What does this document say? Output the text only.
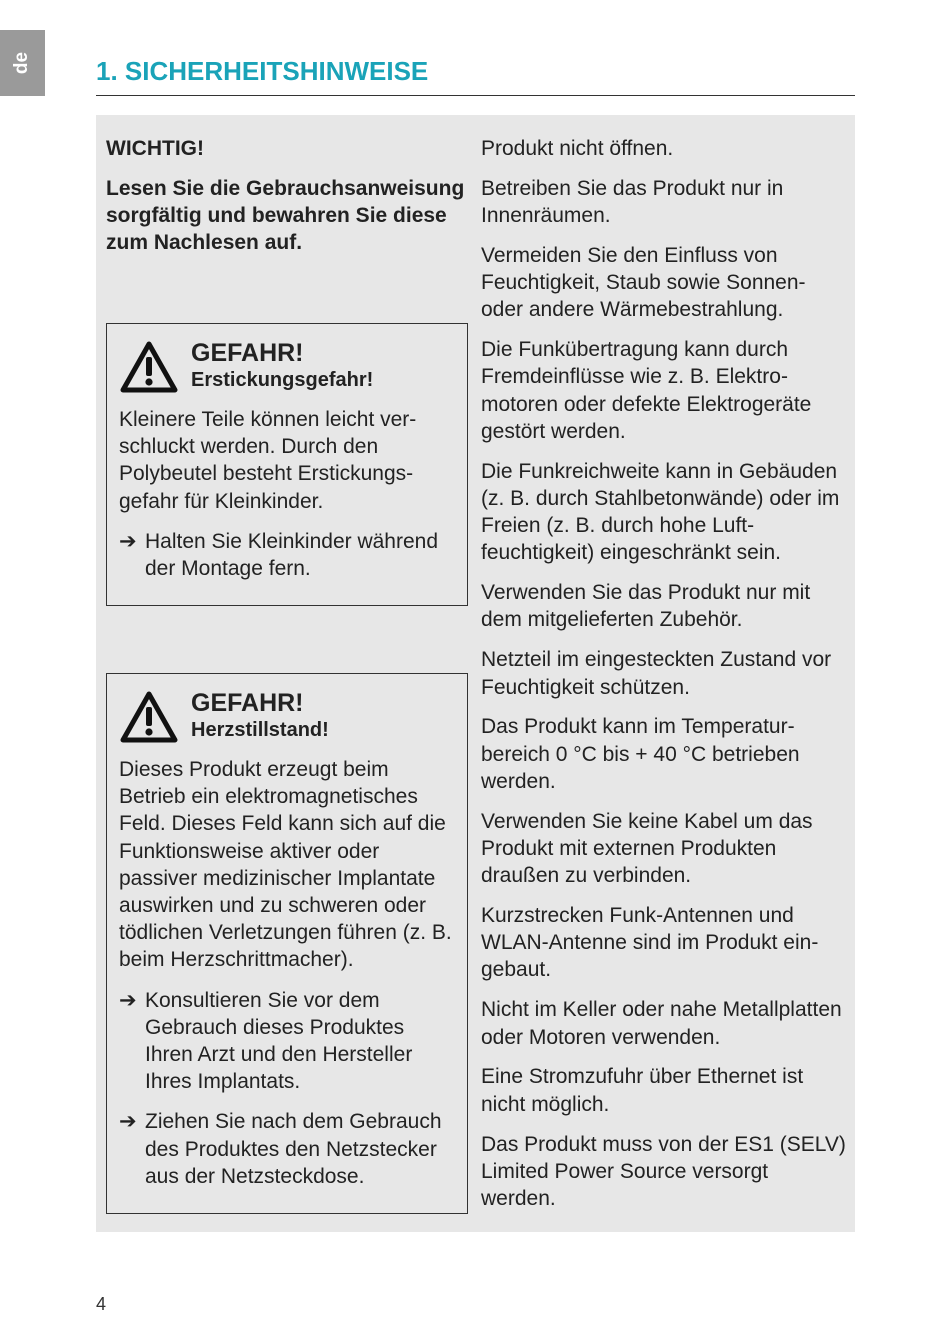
de 1. SICHERHEITSHINWEISE

WICHTIG!

Lesen Sie die Gebrauchsanweisung sorgfältig und bewahren Sie diese zum Nachlesen auf.

GEFAHR!
Erstickungsgefahr!

Kleinere Teile können leicht verschluckt werden. Durch den Polybeutel besteht Erstickungsgefahr für Kleinkinder.

➔ Halten Sie Kleinkinder während der Montage fern.
GEFAHR!
Herzstillstand!

Dieses Produkt erzeugt beim Betrieb ein elektromagnetisches Feld. Dieses Feld kann sich auf die Funktionsweise aktiver oder passiver medizinischer Implantate auswirken und zu schweren oder tödlichen Verletzungen führen (z. B. beim Herzschrittmacher).

➔ Konsultieren Sie vor dem Gebrauch dieses Produktes Ihren Arzt und den Hersteller Ihres Implantats.
➔ Ziehen Sie nach dem Gebrauch des Produktes den Netzstecker aus der Netzsteckdose.

Produkt nicht öffnen.

Betreiben Sie das Produkt nur in Innenräumen.

Vermeiden Sie den Einfluss von Feuchtigkeit, Staub sowie Sonnen- oder andere Wärmebestrahlung.

Die Funkübertragung kann durch Fremdeinflüsse wie z. B. Elektromotoren oder defekte Elektrogeräte gestört werden.

Die Funkreichweite kann in Gebäuden (z. B. durch Stahlbetonwände) oder im Freien (z. B. durch hohe Luftfeuchtigkeit) eingeschränkt sein.

Verwenden Sie das Produkt nur mit dem mitgelieferten Zubehör.

Netzteil im eingesteckten Zustand vor Feuchtigkeit schützen.

Das Produkt kann im Temperaturbereich 0 °C bis + 40 °C betrieben werden.

Verwenden Sie keine Kabel um das Produkt mit externen Produkten draußen zu verbinden.

Kurzstrecken Funk-Antennen und WLAN-Antenne sind im Produkt eingebaut.

Nicht im Keller oder nahe Metallplatten oder Motoren verwenden.

Eine Stromzufuhr über Ethernet ist nicht möglich.

Das Produkt muss von der ES1 (SELV) Limited Power Source versorgt werden.

4
